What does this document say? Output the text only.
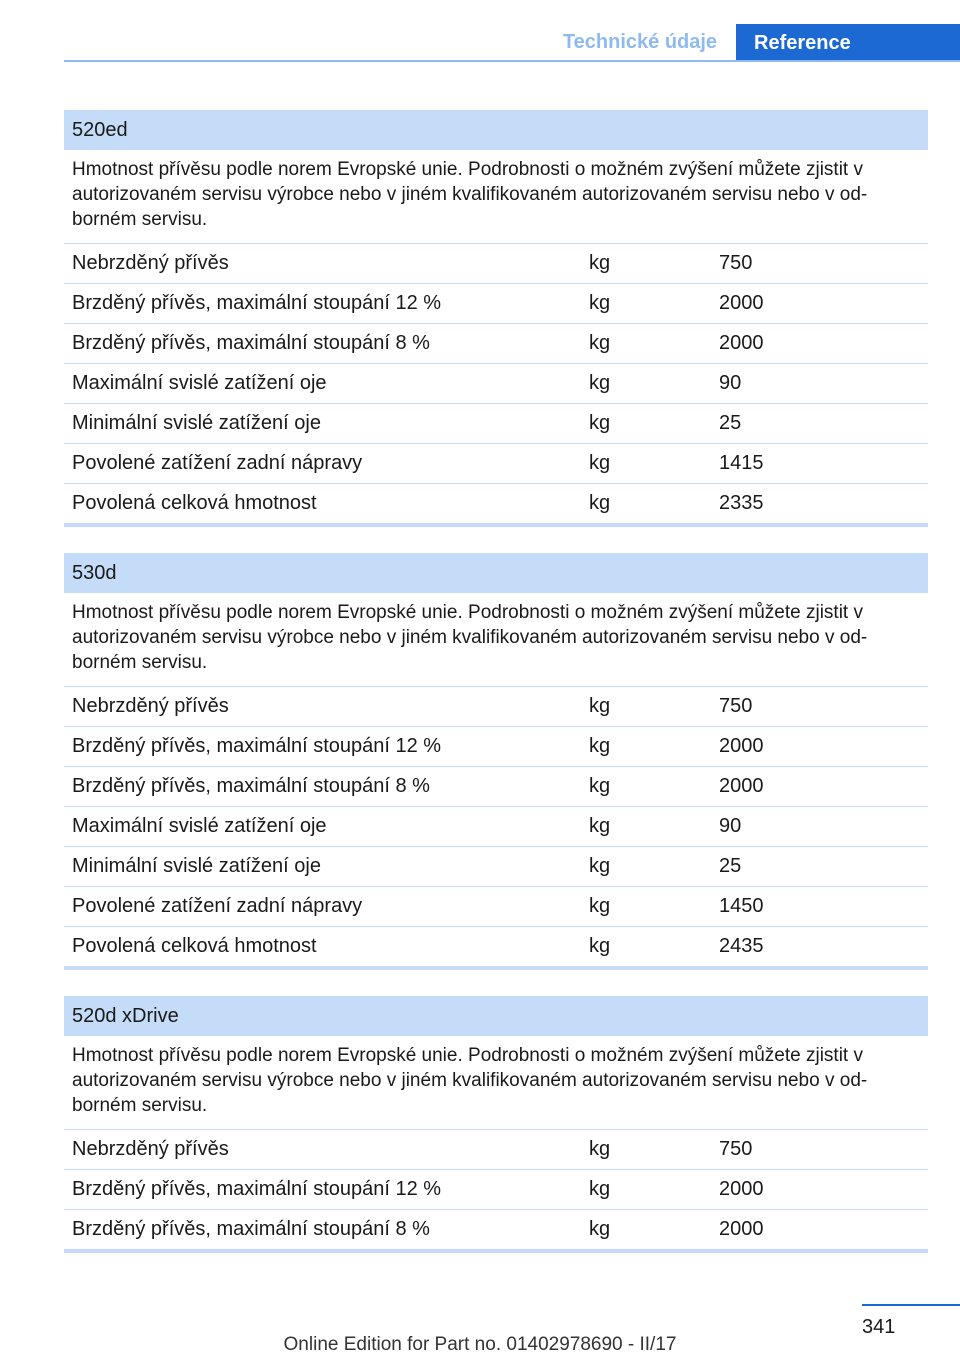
Technické údaje	Reference
520ed
Hmotnost přívěsu podle norem Evropské unie. Podrobnosti o možném zvýšení můžete zjistit v autorizovaném servisu výrobce nebo v jiném kvalifikovaném autorizovaném servisu nebo v odborném servisu.
Nebrzděný přívěs	kg	750
Brzděný přívěs, maximální stoupání 12 %	kg	2000
Brzděný přívěs, maximální stoupání 8 %	kg	2000
Maximální svislé zatížení oje	kg	90
Minimální svislé zatížení oje	kg	25
Povolené zatížení zadní nápravy	kg	1415
Povolená celková hmotnost	kg	2335
530d
Hmotnost přívěsu podle norem Evropské unie. Podrobnosti o možném zvýšení můžete zjistit v autorizovaném servisu výrobce nebo v jiném kvalifikovaném autorizovaném servisu nebo v odborném servisu.
Nebrzděný přívěs	kg	750
Brzděný přívěs, maximální stoupání 12 %	kg	2000
Brzděný přívěs, maximální stoupání 8 %	kg	2000
Maximální svislé zatížení oje	kg	90
Minimální svislé zatížení oje	kg	25
Povolené zatížení zadní nápravy	kg	1450
Povolená celková hmotnost	kg	2435
520d xDrive
Hmotnost přívěsu podle norem Evropské unie. Podrobnosti o možném zvýšení můžete zjistit v autorizovaném servisu výrobce nebo v jiném kvalifikovaném autorizovaném servisu nebo v odborném servisu.
Nebrzděný přívěs	kg	750
Brzděný přívěs, maximální stoupání 12 %	kg	2000
Brzděný přívěs, maximální stoupání 8 %	kg	2000
341
Online Edition for Part no. 01402978690 - II/17
